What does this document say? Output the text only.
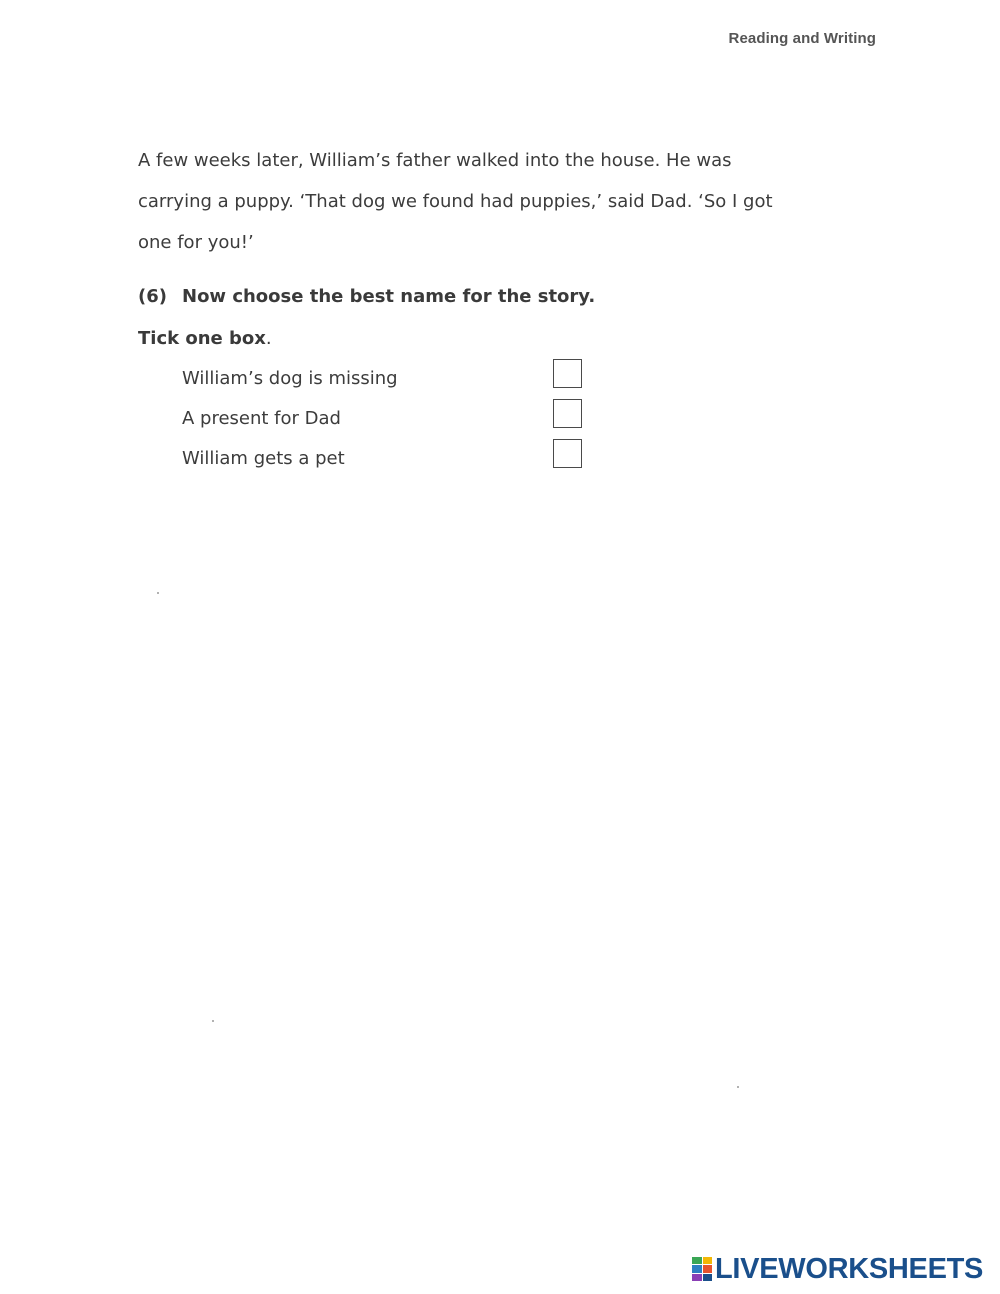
Reading and Writing

A few weeks later, William’s father walked into the house. He was carrying a puppy. ‘That dog we found had puppies,’ said Dad. ‘So I got one for you!’

(6) Now choose the best name for the story.
Tick one box.
William’s dog is missing
A present for Dad
William gets a pet
LIVEWORKSHEETS
